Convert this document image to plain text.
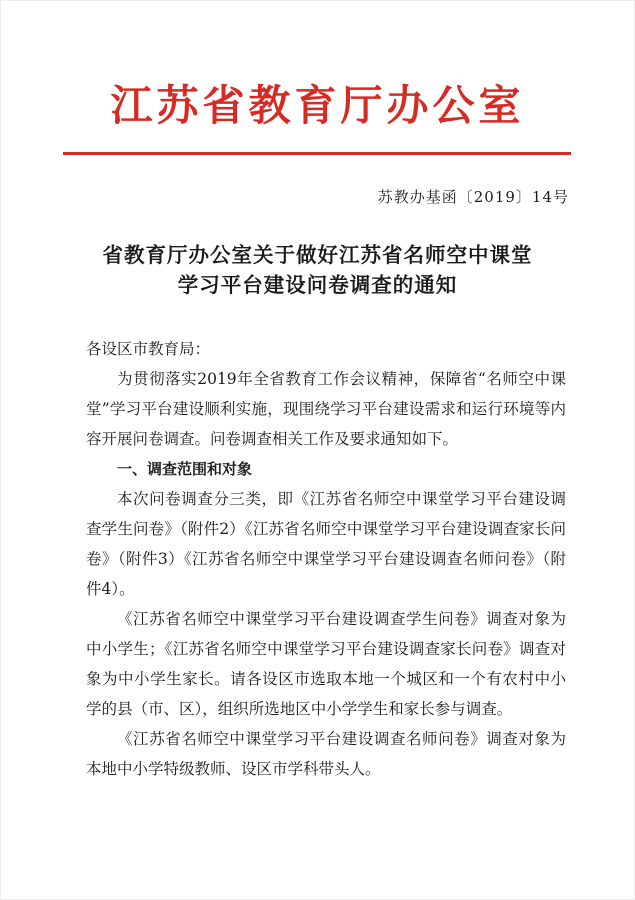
江苏省教育厅办公室
苏教办基函〔2019〕14号
省教育厅办公室关于做好江苏省名师空中课堂
学习平台建设问卷调查的通知

各设区市教育局：

为贯彻落实2019年全省教育工作会议精神，保障省“名师空中课堂”学习平台建设顺利实施，现围绕学习平台建设需求和运行环境等内容开展问卷调查。问卷调查相关工作及要求通知如下。

一、调查范围和对象

本次问卷调查分三类，即《江苏省名师空中课堂学习平台建设调查学生问卷》（附件2）《江苏省名师空中课堂学习平台建设调查家长问卷》（附件3）《江苏省名师空中课堂学习平台建设调查名师问卷》（附件4）。

《江苏省名师空中课堂学习平台建设调查学生问卷》调查对象为中小学生；《江苏省名师空中课堂学习平台建设调查家长问卷》调查对象为中小学生家长。请各设区市选取本地一个城区和一个有农村中小学的县（市、区），组织所选地区中小学学生和家长参与调查。

《江苏省名师空中课堂学习平台建设调查名师问卷》调查对象为本地中小学特级教师、设区市学科带头人。
